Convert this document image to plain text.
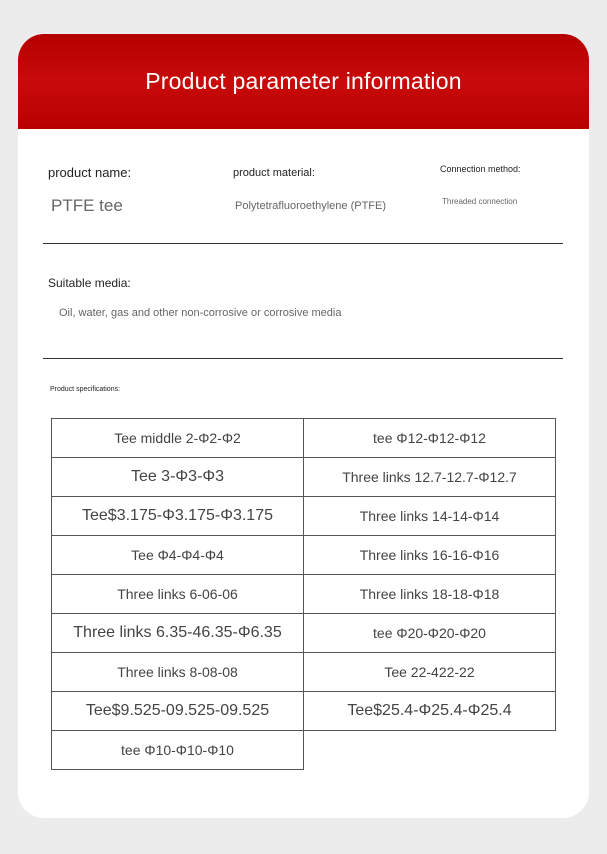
Product parameter information
product name:
PTFE tee
product material:
Polytetrafluoroethylene (PTFE)
Connection method:
Threaded connection
Suitable media:
Oil, water, gas and other non-corrosive or corrosive media
Product specifications:
Tee middle 2-Φ2-Φ2	tee Φ12-Φ12-Φ12
Tee 3-Φ3-Φ3	Three links 12.7-12.7-Φ12.7
Tee$3.175-Φ3.175-Φ3.175	Three links 14-14-Φ14
Tee Φ4-Φ4-Φ4	Three links 16-16-Φ16
Three links 6-06-06	Three links 18-18-Φ18
Three links 6.35-46.35-Φ6.35	tee Φ20-Φ20-Φ20
Three links 8-08-08	Tee 22-422-22
Tee$9.525-09.525-09.525	Tee$25.4-Φ25.4-Φ25.4
tee Φ10-Φ10-Φ10	
